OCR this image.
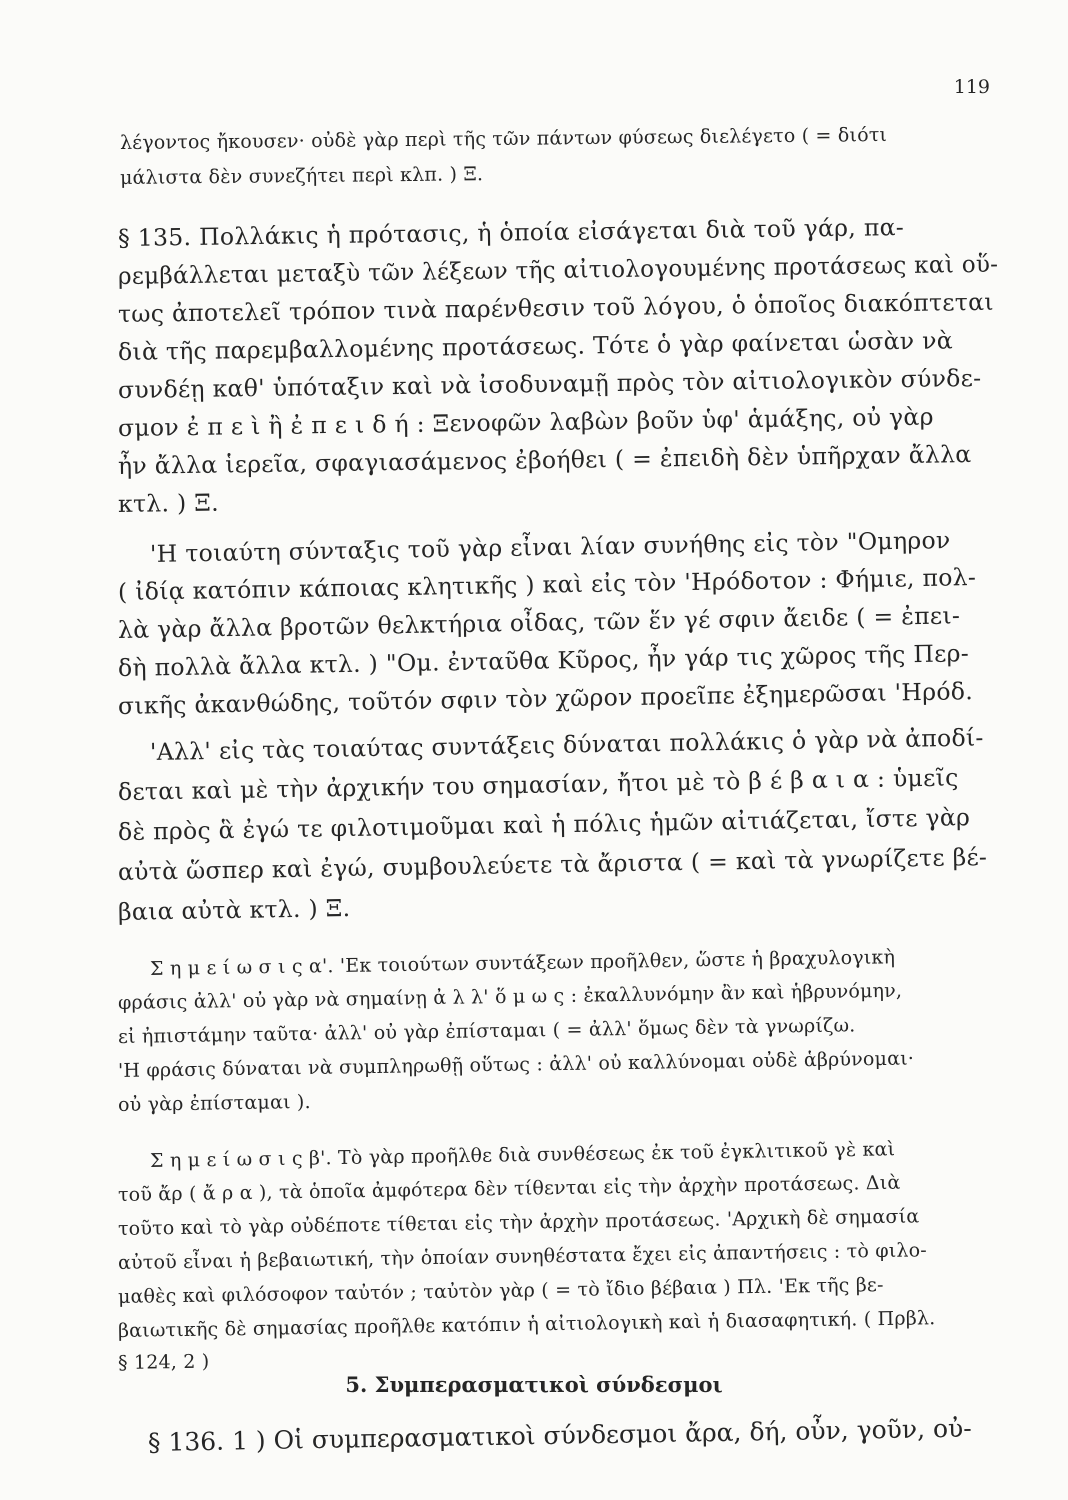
119
λέγοντος ἤκουσεν· οὐδὲ γὰρ περὶ τῆς τῶν πάντων φύσεως διελέγετο ( = διότι
μάλιστα δὲν συνεζήτει περὶ κλπ. ) Ξ.
§ 135. Πολλάκις ἡ πρότασις, ἡ ὁποία εἰσάγεται διὰ τοῦ γάρ, πα-
ρεμβάλλεται μεταξὺ τῶν λέξεων τῆς αἰτιολογουμένης προτάσεως καὶ οὕ-
τως ἀποτελεῖ τρόπον τινὰ παρένθεσιν τοῦ λόγου, ὁ ὁποῖος διακόπτεται
διὰ τῆς παρεμβαλλομένης προτάσεως. Τότε ὁ γὰρ φαίνεται ὡσὰν νὰ
συνδέῃ καθ' ὑπόταξιν καὶ νὰ ἰσοδυναμῇ πρὸς τὸν αἰτιολογικὸν σύνδε-
σμον ἐ π ε ὶ ἢ ἐ π ε ι δ ή : Ξενοφῶν λαβὼν βοῦν ὑφ' ἁμάξης, οὐ γὰρ
ἦν ἄλλα ἱερεῖα, σφαγιασάμενος ἐβοήθει ( = ἐπειδὴ δὲν ὑπῆρχαν ἄλλα
κτλ. ) Ξ.
'Η τοιαύτη σύνταξις τοῦ γὰρ εἶναι λίαν συνήθης εἰς τὸν "Ομηρον
( ἰδίᾳ κατόπιν κάποιας κλητικῆς ) καὶ εἰς τὸν 'Ηρόδοτον : Φήμιε, πολ-
λὰ γὰρ ἄλλα βροτῶν θελκτήρια οἶδας, τῶν ἕν γέ σφιν ἄειδε ( = ἐπει-
δὴ πολλὰ ἄλλα κτλ. ) "Ομ. ἐνταῦθα Κῦρος, ἦν γάρ τις χῶρος τῆς Περ-
σικῆς ἀκανθώδης, τοῦτόν σφιν τὸν χῶρον προεῖπε ἐξημερῶσαι 'Ηρόδ.
'Αλλ' εἰς τὰς τοιαύτας συντάξεις δύναται πολλάκις ὁ γὰρ νὰ ἀποδί-
δεται καὶ μὲ τὴν ἀρχικήν του σημασίαν, ἤτοι μὲ τὸ β έ β α ι α : ὑμεῖς
δὲ πρὸς ἃ ἐγώ τε φιλοτιμοῦμαι καὶ ἡ πόλις ἡμῶν αἰτιάζεται, ἴστε γὰρ
αὐτὰ ὥσπερ καὶ ἐγώ, συμβουλεύετε τὰ ἄριστα ( = καὶ τὰ γνωρίζετε βέ-
βαια αὐτὰ κτλ. ) Ξ.
Σ η μ ε ί ω σ ι ς α'. 'Εκ τοιούτων συντάξεων προῆλθεν, ὥστε ἡ βραχυλογικὴ
φράσις ἀλλ' οὐ γὰρ νὰ σημαίνῃ ἀ λ λ' ὅ μ ω ς : ἐκαλλυνόμην ἂν καὶ ἡβρυνόμην,
εἰ ἠπιστάμην ταῦτα· ἀλλ' οὐ γὰρ ἐπίσταμαι ( = ἀλλ' ὅμως δὲν τὰ γνωρίζω.
'Η φράσις δύναται νὰ συμπληρωθῇ οὕτως : ἀλλ' οὐ καλλύνομαι οὐδὲ ἁβρύνομαι·
οὐ γὰρ ἐπίσταμαι ).
Σ η μ ε ί ω σ ι ς β'. Τὸ γὰρ προῆλθε διὰ συνθέσεως ἐκ τοῦ ἐγκλιτικοῦ γὲ καὶ
τοῦ ἄρ ( ἄ ρ α ), τὰ ὁποῖα ἀμφότερα δὲν τίθενται εἰς τὴν ἀρχὴν προτάσεως. Διὰ
τοῦτο καὶ τὸ γὰρ οὐδέποτε τίθεται εἰς τὴν ἀρχὴν προτάσεως. 'Αρχικὴ δὲ σημασία
αὐτοῦ εἶναι ἡ βεβαιωτική, τὴν ὁποίαν συνηθέστατα ἔχει εἰς ἀπαντήσεις : τὸ φιλο-
μαθὲς καὶ φιλόσοφον ταὐτόν ; ταὐτὸν γὰρ ( = τὸ ἴδιο βέβαια ) Πλ. 'Εκ τῆς βε-
βαιωτικῆς δὲ σημασίας προῆλθε κατόπιν ἡ αἰτιολογικὴ καὶ ἡ διασαφητική. ( Πρβλ.
§ 124, 2 )
5. Συμπερασματικοὶ σύνδεσμοι
§ 136. 1 ) Οἱ συμπερασματικοὶ σύνδεσμοι ἄρα, δή, οὖν, γοῦν, οὐ-
